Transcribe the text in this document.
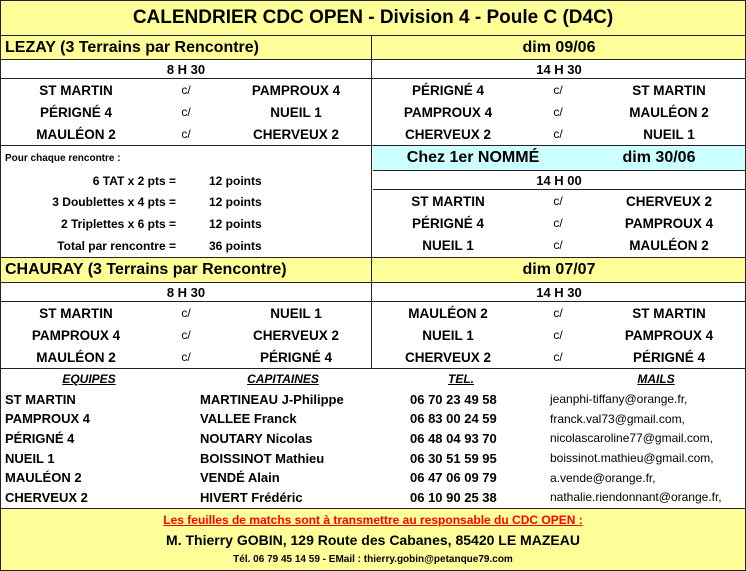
CALENDRIER CDC OPEN - Division 4 - Poule C (D4C)
LEZAY (3 Terrains par Rencontre)	dim 09/06
8 H 30	14 H 30
ST MARTIN	c/	PAMPROUX 4
PÉRIGNÉ 4	c/	NUEIL 1
MAULÉON 2	c/	CHERVEUX 2
PÉRIGNÉ 4	c/	ST MARTIN
PAMPROUX 4	c/	MAULÉON 2
CHERVEUX 2	c/	NUEIL 1
Pour chaque rencontre :
6 TAT x 2 pts =	12 points
3 Doublettes x 4 pts =	12 points
2 Triplettes x 6 pts =	12 points
Total par rencontre =	36 points
Chez 1er NOMMÉ	dim 30/06
14 H 00
ST MARTIN	c/	CHERVEUX 2
PÉRIGNÉ 4	c/	PAMPROUX 4
NUEIL 1	c/	MAULÉON 2
CHAURAY (3 Terrains par Rencontre)	dim 07/07
8 H 30	14 H 30
ST MARTIN	c/	NUEIL 1
PAMPROUX 4	c/	CHERVEUX 2
MAULÉON 2	c/	PÉRIGNÉ 4
MAULÉON 2	c/	ST MARTIN
NUEIL 1	c/	PAMPROUX 4
CHERVEUX 2	c/	PÉRIGNÉ 4
EQUIPES	CAPITAINES	TEL.	MAILS
ST MARTIN	MARTINEAU J-Philippe	06 70 23 49 58	jeanphi-tiffany@orange.fr,
PAMPROUX 4	VALLEE Franck	06 83 00 24 59	franck.val73@gmail.com,
PÉRIGNÉ 4	NOUTARY Nicolas	06 48 04 93 70	nicolascaroline77@gmail.com,
NUEIL 1	BOISSINOT Mathieu	06 30 51 59 95	boissinot.mathieu@gmail.com,
MAULÉON 2	VENDÉ Alain	06 47 06 09 79	a.vende@orange.fr,
CHERVEUX 2	HIVERT Frédéric	06 10 90 25 38	nathalie.riendonnant@orange.fr,
Les feuilles de matchs sont à transmettre au responsable du CDC OPEN :
M. Thierry GOBIN, 129 Route des Cabanes, 85420 LE MAZEAU
Tél. 06 79 45 14 59 - EMail : thierry.gobin@petanque79.com
